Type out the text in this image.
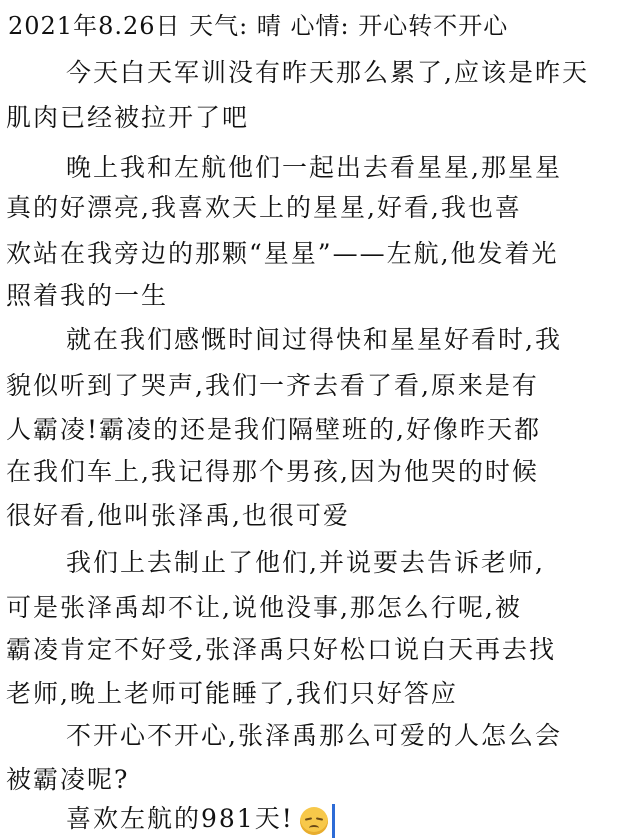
2021年8.26日 天气: 晴 心情: 开心转不开心
今天白天军训没有昨天那么累了,应该是昨天
肌肉已经被拉开了吧
晚上我和左航他们一起出去看星星,那星星
真的好漂亮,我喜欢天上的星星,好看,我也喜
欢站在我旁边的那颗“星星”——左航,他发着光
照着我的一生
就在我们感慨时间过得快和星星好看时,我
貌似听到了哭声,我们一齐去看了看,原来是有
人霸凌!霸凌的还是我们隔壁班的,好像昨天都
在我们车上,我记得那个男孩,因为他哭的时候
很好看,他叫张泽禹,也很可爱
我们上去制止了他们,并说要去告诉老师,
可是张泽禹却不让,说他没事,那怎么行呢,被
霸凌肯定不好受,张泽禹只好松口说白天再去找
老师,晚上老师可能睡了,我们只好答应
不开心不开心,张泽禹那么可爱的人怎么会
被霸凌呢?
喜欢左航的981天!
